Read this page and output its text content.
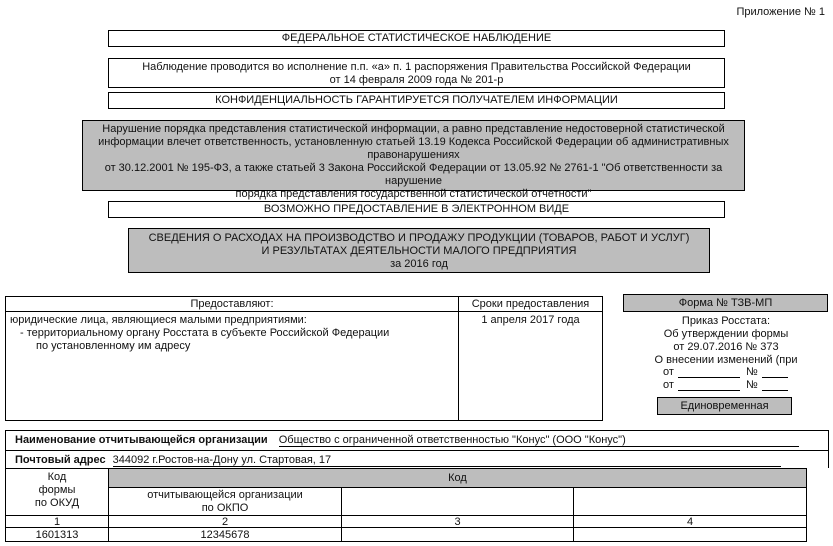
Приложение № 1
ФЕДЕРАЛЬНОЕ СТАТИСТИЧЕСКОЕ НАБЛЮДЕНИЕ
Наблюдение проводится во исполнение п.п. «а» п. 1 распоряжения Правительства Российской Федерации
от 14 февраля 2009 года № 201-р
КОНФИДЕНЦИАЛЬНОСТЬ ГАРАНТИРУЕТСЯ ПОЛУЧАТЕЛЕМ ИНФОРМАЦИИ
Нарушение порядка представления статистической информации, а равно представление недостоверной статистической
информации влечет ответственность, установленную статьей 13.19 Кодекса Российской Федерации об административных
правонарушениях
от 30.12.2001 № 195-ФЗ, а также статьей 3 Закона Российской Федерации от 13.05.92 № 2761-1 "Об ответственности за нарушение
порядка представления государственной статистической отчетности"
ВОЗМОЖНО ПРЕДОСТАВЛЕНИЕ В ЭЛЕКТРОННОМ ВИДЕ
СВЕДЕНИЯ О РАСХОДАХ НА ПРОИЗВОДСТВО И ПРОДАЖУ ПРОДУКЦИИ (ТОВАРОВ, РАБОТ И УСЛУГ)
И РЕЗУЛЬТАТАХ ДЕЯТЕЛЬНОСТИ МАЛОГО ПРЕДПРИЯТИЯ
за 2016 год
Предоставляют:	Сроки предоставления

юридические лица, являющиеся малыми предприятиями:
- территориальному органу Росстата в субъекте Российской Федерации
по установленному им адресу	1 апреля 2017 года
Форма № ТЗВ-МП
Приказ Росстата:
Об утверждении формы
от 29.07.2016 № 373
О внесении изменений (при
от	№
от	№
Единовременная
Наименование отчитывающейся организации Общество с ограниченной ответственностью "Конус" (ООО "Конус")
Почтовый адрес 344092 г.Ростов-на-Дону ул. Стартовая, 17
Код
формы
по ОКУД	Код		

	отчитывающейся организации
по ОКПО		

1	2	3	4
1601313	12345678		
